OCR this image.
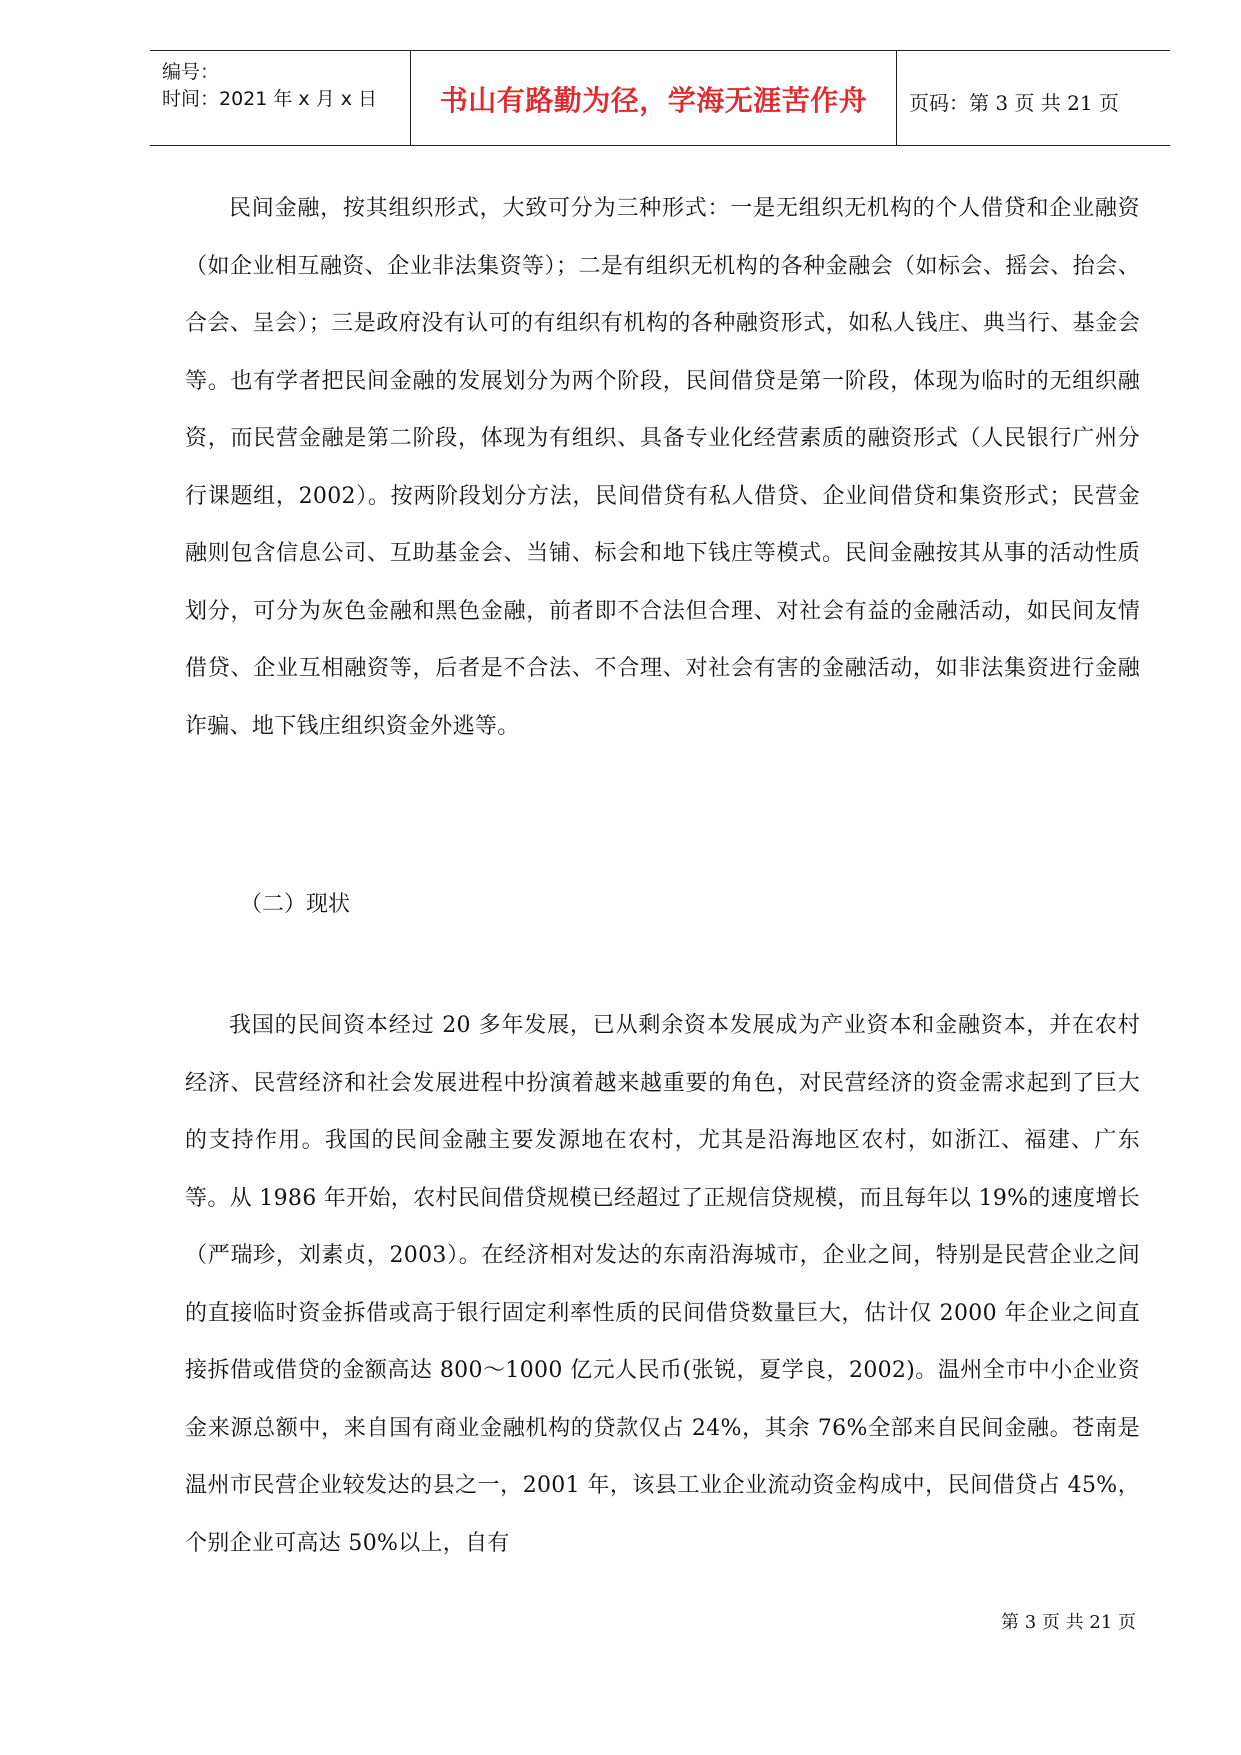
编号：
时间：2021 年 x 月 x 日	书山有路勤为径，学海无涯苦作舟	页码：第 3 页 共 21 页

民间金融，按其组织形式，大致可分为三种形式：一是无组织无机构的个人借贷和企业融资（如企业相互融资、企业非法集资等）；二是有组织无机构的各种金融会（如标会、摇会、抬会、合会、呈会）；三是政府没有认可的有组织有机构的各种融资形式，如私人钱庄、典当行、基金会等。也有学者把民间金融的发展划分为两个阶段，民间借贷是第一阶段，体现为临时的无组织融资，而民营金融是第二阶段，体现为有组织、具备专业化经营素质的融资形式（人民银行广州分行课题组，2002）。按两阶段划分方法，民间借贷有私人借贷、企业间借贷和集资形式；民营金融则包含信息公司、互助基金会、当铺、标会和地下钱庄等模式。民间金融按其从事的活动性质划分，可分为灰色金融和黑色金融，前者即不合法但合理、对社会有益的金融活动，如民间友情借贷、企业互相融资等，后者是不合法、不合理、对社会有害的金融活动，如非法集资进行金融诈骗、地下钱庄组织资金外逃等。

（二）现状

我国的民间资本经过 20 多年发展，已从剩余资本发展成为产业资本和金融资本，并在农村经济、民营经济和社会发展进程中扮演着越来越重要的角色，对民营经济的资金需求起到了巨大的支持作用。我国的民间金融主要发源地在农村，尤其是沿海地区农村，如浙江、福建、广东等。从 1986 年开始，农村民间借贷规模已经超过了正规信贷规模，而且每年以 19%的速度增长（严瑞珍，刘素贞，2003）。在经济相对发达的东南沿海城市，企业之间，特别是民营企业之间的直接临时资金拆借或高于银行固定利率性质的民间借贷数量巨大，估计仅 2000 年企业之间直接拆借或借贷的金额高达 800～1000 亿元人民币(张锐，夏学良，2002)。温州全市中小企业资金来源总额中，来自国有商业金融机构的贷款仅占 24%，其余 76%全部来自民间金融。苍南是温州市民营企业较发达的县之一，2001 年，该县工业企业流动资金构成中，民间借贷占 45%，个别企业可高达 50%以上，自有

第 3 页 共 21 页
